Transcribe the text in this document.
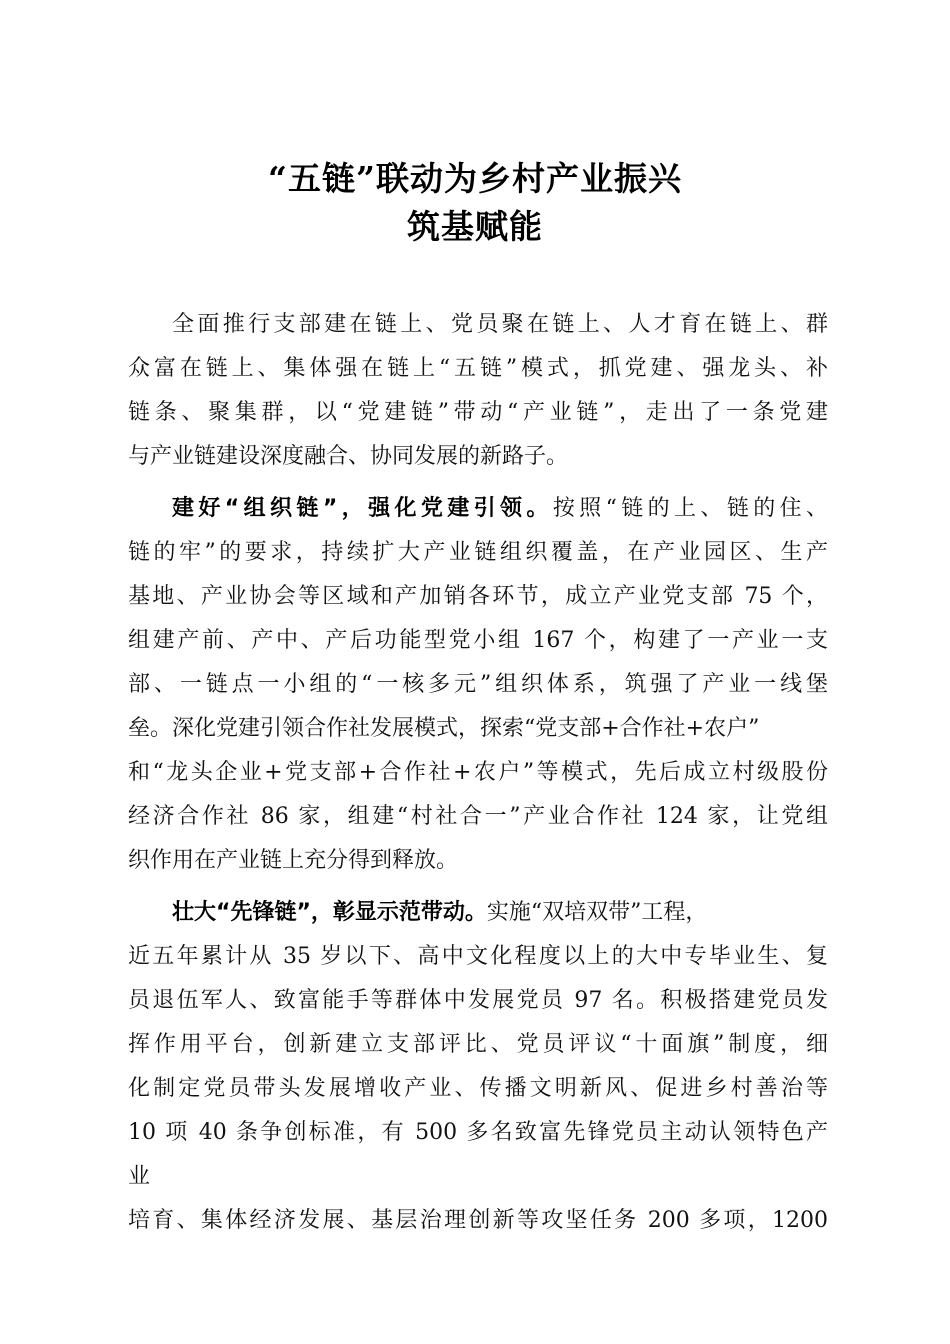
“五链”联动为乡村产业振兴
筑基赋能
全面推行支部建在链上、党员聚在链上、人才育在链上、群
众富在链上、集体强在链上“五链”模式，抓党建、强龙头、补
链条、聚集群，以“党建链”带动“产业链”，走出了一条党建
与产业链建设深度融合、协同发展的新路子。
建好“组织链”，强化党建引领。按照“链的上、链的住、
链的牢”的要求，持续扩大产业链组织覆盖，在产业园区、生产
基地、产业协会等区域和产加销各环节，成立产业党支部 75 个，
组建产前、产中、产后功能型党小组 167 个，构建了一产业一支
部、一链点一小组的“一核多元”组织体系，筑强了产业一线堡
垒。深化党建引领合作社发展模式，探索“党支部+合作社+农户”
和“龙头企业+党支部+合作社+农户”等模式，先后成立村级股份
经济合作社 86 家，组建“村社合一”产业合作社 124 家，让党组
织作用在产业链上充分得到释放。
壮大“先锋链”，彰显示范带动。实施“双培双带”工程，
近五年累计从 35 岁以下、高中文化程度以上的大中专毕业生、复
员退伍军人、致富能手等群体中发展党员 97 名。积极搭建党员发
挥作用平台，创新建立支部评比、党员评议“十面旗”制度，细
化制定党员带头发展增收产业、传播文明新风、促进乡村善治等
10 项 40 条争创标准，有 500 多名致富先锋党员主动认领特色产
业
培育、集体经济发展、基层治理创新等攻坚任务 200 多项，1200
